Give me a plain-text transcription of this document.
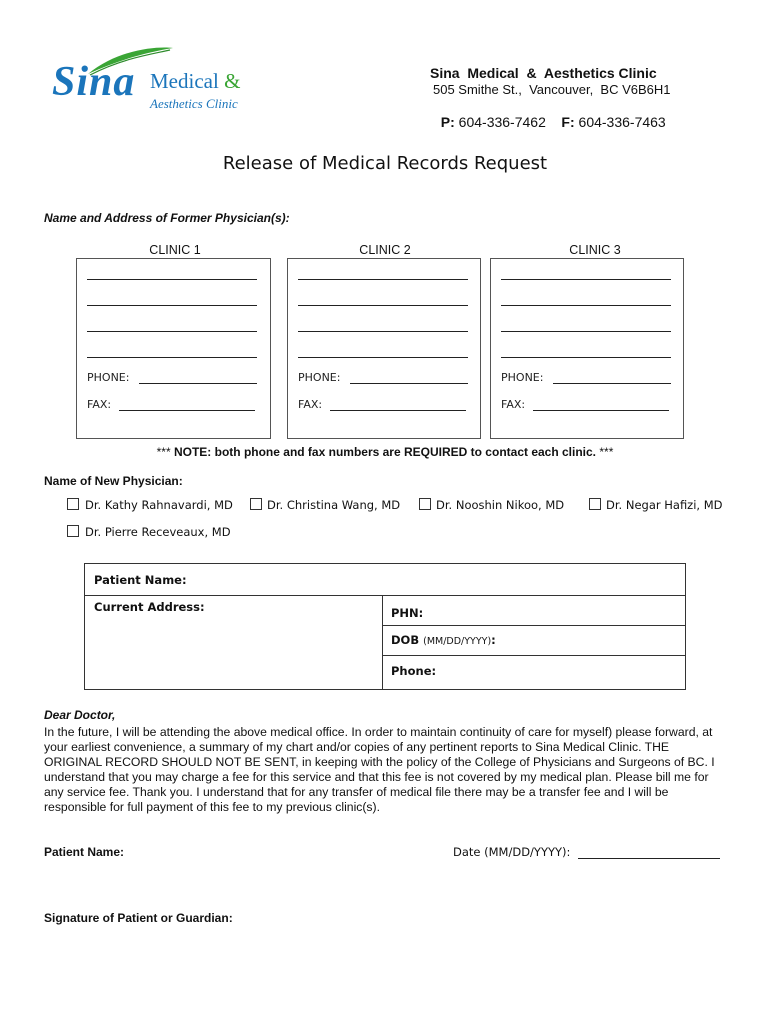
Sina Medical &
Aesthetics Clinic
Sina  Medical  &  Aesthetics Clinic
505 Smithe St.,  Vancouver,  BC V6B6H1

P: 604-336-7462 F: 604-336-7463

Release of Medical Records Request
Name and Address of Former Physician(s):
CLINIC 1	CLINIC 2	CLINIC 3
PHONE:
FAX:
PHONE:
FAX:
PHONE:
FAX:
*** NOTE: both phone and fax numbers are REQUIRED to contact each clinic. ***
Name of New Physician:
Dr. Kathy Rahnavardi, MD	Dr. Christina Wang, MD	Dr. Nooshin Nikoo, MD	Dr. Negar Hafizi, MD
Dr. Pierre Receveaux, MD
Patient Name:
Current Address:	PHN:
DOB (MM/DD/YYYY):
Phone:
Dear Doctor,
In the future, I will be attending the above medical office. In order to maintain continuity of care for myself) please forward, at your earliest convenience, a summary of my chart and/or copies of any pertinent reports to Sina Medical Clinic. THE ORIGINAL RECORD SHOULD NOT BE SENT, in keeping with the policy of the College of Physicians and Surgeons of BC. I understand that you may charge a fee for this service and that this fee is not covered by my medical plan. Please bill me for any service fee. Thank you. I understand that for any transfer of medical file there may be a transfer fee and I will be responsible for full payment of this fee to my previous clinic(s).
Patient Name:	Date (MM/DD/YYYY):
Signature of Patient or Guardian:
